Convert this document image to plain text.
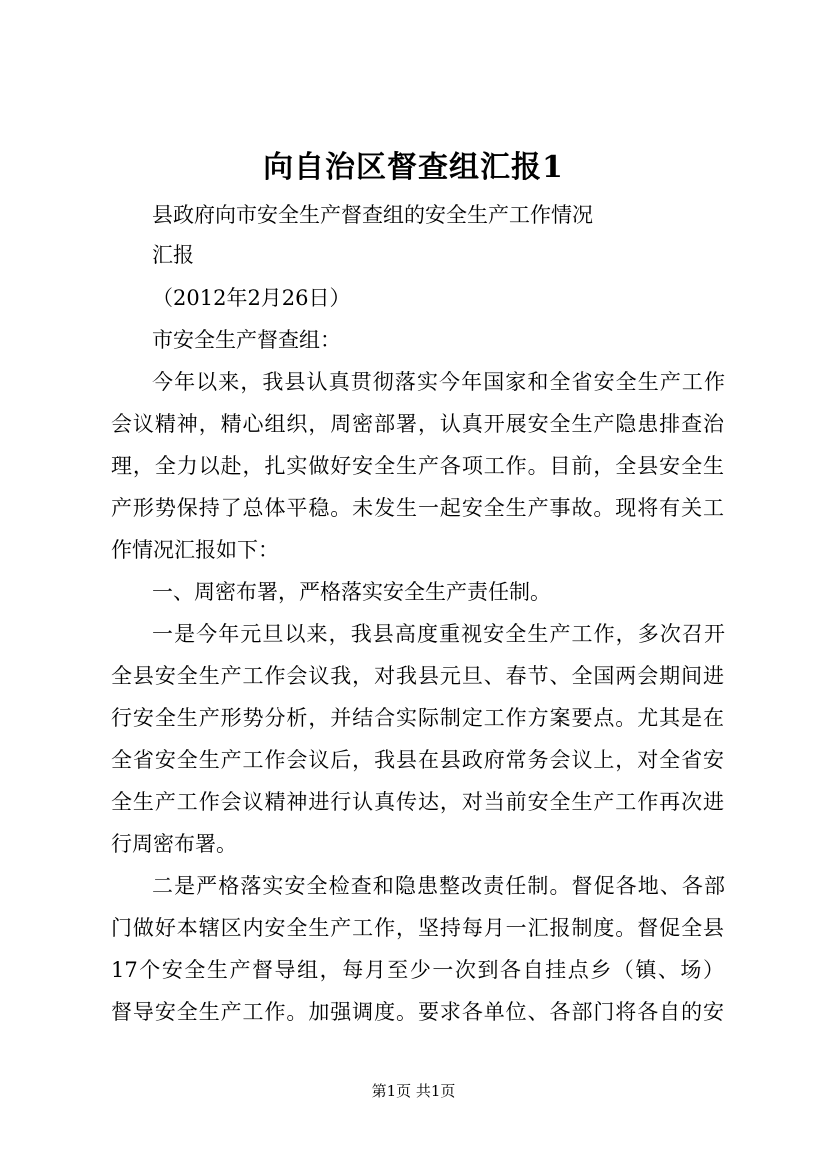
向自治区督查组汇报1
县政府向市安全生产督查组的安全生产工作情况
汇报
（2012年2月26日）
市安全生产督查组：
今年以来，我县认真贯彻落实今年国家和全省安全生产工作
会议精神，精心组织，周密部署，认真开展安全生产隐患排查治
理，全力以赴，扎实做好安全生产各项工作。目前，全县安全生
产形势保持了总体平稳。未发生一起安全生产事故。现将有关工
作情况汇报如下：
一、周密布署，严格落实安全生产责任制。
一是今年元旦以来，我县高度重视安全生产工作，多次召开
全县安全生产工作会议我，对我县元旦、春节、全国两会期间进
行安全生产形势分析，并结合实际制定工作方案要点。尤其是在
全省安全生产工作会议后，我县在县政府常务会议上，对全省安
全生产工作会议精神进行认真传达，对当前安全生产工作再次进
行周密布署。
二是严格落实安全检查和隐患整改责任制。督促各地、各部
门做好本辖区内安全生产工作，坚持每月一汇报制度。督促全县
17个安全生产督导组，每月至少一次到各自挂点乡（镇、场）
督导安全生产工作。加强调度。要求各单位、各部门将各自的安
第1页 共1页
